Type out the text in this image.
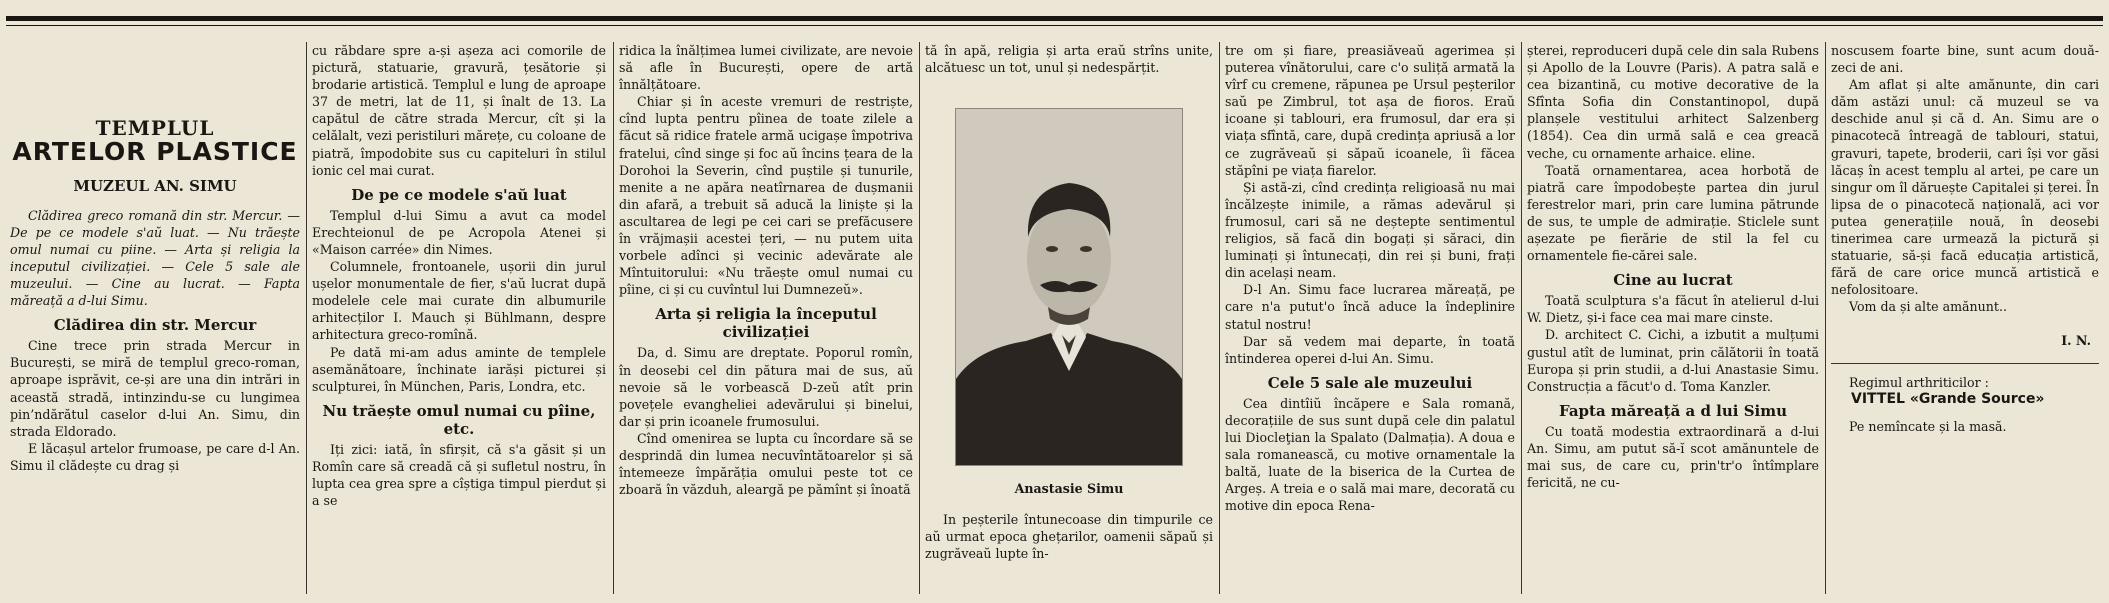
TEMPLUL
ARTELOR PLASTICE
MUZEUL AN. SIMU

Clădirea greco romană din str. Mercur. — De pe ce modele s'aŭ luat. — Nu trăește omul numai cu piine. — Arta și religia la inceputul civilizației. — Cele 5 sale ale muzeului. — Cine au lucrat. — Fapta măreață a d-lui Simu.

Clădirea din str. Mercur

Cine trece prin strada Mercur in București, se miră de templul greco-roman, aproape isprăvit, ce-și are una din intrări in această stradă, intinzindu-se cu lungimea pin’ndărătul caselor d-lui An. Simu, din strada Eldorado.

E lăcașul artelor frumoase, pe care d-l An. Simu il clădește cu drag și

cu răbdare spre a-și așeza aci comorile de pictură, statuarie, gravură, țesătorie și brodarie artistică. Templul e lung de aproape 37 de metri, lat de 11, și înalt de 13. La capătul de către strada Mercur, cît și la celălalt, vezi peristiluri mărețe, cu coloane de piatră, împodobite sus cu capiteluri în stilul ionic cel mai curat.

De pe ce modele s'aŭ luat

Templul d-lui Simu a avut ca model Erechteionul de pe Acropola Atenei și «Maison carrée» din Nimes.

Columnele, frontoanele, ușorii din jurul ușelor monumentale de fier, s'aŭ lucrat după modelele cele mai curate din albumurile arhitecților I. Mauch și Bühlmann, despre arhitectura greco-romînă.

Pe dată mi-am adus aminte de templele asemănătoare, închinate iarăși picturei și sculpturei, în München, Paris, Londra, etc.

Nu trăește omul numai cu pîine, etc.

Iți zici: iată, în sfirșit, că s'a găsit și un Romîn care să creadă că și sufletul nostru, în lupta cea grea spre a cîștiga timpul pierdut și a se

ridica la înălțimea lumei civilizate, are nevoie să afle în București, opere de artă înnălțătoare.

Chiar și în aceste vremuri de restriște, cînd lupta pentru pîinea de toate zilele a făcut să ridice fratele armă ucigașe împotriva fratelui, cînd singe și foc aŭ încins țeara de la Dorohoi la Severin, cînd puștile și tunurile, menite a ne apăra neatîrnarea de dușmanii din afară, a trebuit să aducă la liniște și la ascultarea de legi pe cei cari se prefăcusere în vrăjmașii acestei țeri, — nu putem uita vorbele adînci și vecinic adevărate ale Mîntuitorului: «Nu trăește omul numai cu pîine, ci și cu cuvîntul lui Dumnezeŭ».

Arta și religia la începutul civilizației

Da, d. Simu are dreptate. Poporul romîn, în deosebi cel din pătura mai de sus, aŭ nevoie să le vorbească D-zeŭ atît prin povețele evangheliei adevărului și binelui, dar și prin icoanele frumosului.

Cînd omenirea se lupta cu încordare să se desprindă din lumea necuvîntătoarelor și să întemeeze împărăția omului peste tot ce zboară în văzduh, aleargă pe pămînt și înoată

tă în apă, religia și arta eraŭ strîns unite, alcătuesc un tot, unul și nedespărțit.

Anastasie Simu

In peșterile întunecoase din timpurile ce aŭ urmat epoca ghețarilor, oamenii săpaŭ și zugrăveaŭ lupte în-

tre om și fiare, preasiăveaŭ agerimea și puterea vînătorului, care c'o suliță armată la vîrf cu cremene, răpunea pe Ursul peșterilor saŭ pe Zimbrul, tot așa de fioros. Eraŭ icoane și tablouri, era frumosul, dar era și viața sfîntă, care, după credința apriusă a lor ce zugrăveaŭ și săpaŭ icoanele, îi făcea stăpîni pe viața fiarelor.

Și astă-zi, cînd credința religioasă nu mai încălzește inimile, a rămas adevărul și frumosul, cari să ne deștepte sentimentul religios, să facă din bogați și săraci, din luminați și întunecați, din rei și buni, frați din același neam.

D-l An. Simu face lucrarea măreață, pe care n'a putut'o încă aduce la îndeplinire statul nostru!

Dar să vedem mai departe, în toată întinderea operei d-lui An. Simu.

Cele 5 sale ale muzeului

Cea dintîiŭ încăpere e Sala romană, decorațiile de sus sunt după cele din palatul lui Diocleţian la Spalato (Dalmația). A doua e sala romanească, cu motive ornamentale la baltă, luate de la biserica de la Curtea de Argeș. A treia e o sală mai mare, decorată cu motive din epoca Rena-

șterei, reproduceri după cele din sala Rubens și Apollo de la Louvre (Paris). A patra sală e cea bizantină, cu motive decorative de la Sfînta Sofia din Constantinopol, după planșele vestitului arhitect Salzenberg (1854). Cea din urmă sală e cea greacă veche, cu ornamente arhaice. eline.

Toată ornamentarea, acea horbotă de piatră care împodobește partea din jurul ferestrelor mari, prin care lumina pătrunde de sus, te umple de admirație. Sticlele sunt așezate pe fierărie de stil la fel cu ornamentele fie-cărei sale.

Cine au lucrat

Toată sculptura s'a făcut în atelierul d-lui W. Dietz, și-i face cea mai mare cinste.

D. architect C. Cichi, a izbutit a mulțumi gustul atît de luminat, prin călătorii în toată Europa și prin studii, a d-lui Anastasie Simu. Construcția a făcut'o d. Toma Kanzler.

Fapta măreață a d lui Simu

Cu toată modestia extraordinară a d-lui An. Simu, am putut să-ĭ scot amănuntele de mai sus, de care cu, prin'tr'o întîmplare fericită, ne cu-

noscusem foarte bine, sunt acum două-zeci de ani.

Am aflat și alte amănunte, din cari dăm astăzi unul: că muzeul se va deschide anul și că d. An. Simu are o pinacotecă întreagă de tablouri, statui, gravuri, tapete, broderii, cari își vor găsi lăcaș în acest templu al artei, pe care un singur om îl dăruește Capitalei și țerei. În lipsa de o pinacotecă națională, aci vor putea generațiile nouă, în deosebi tinerimea care urmează la pictură și statuarie, să-și facă educația artistică, fără de care orice muncă artistică e nefolositoare.

Vom da și alte amănunt..

I. N.

Regimul arthriticilor :

VITTEL «Grande Source»

Pe nemîncate și la masă.
